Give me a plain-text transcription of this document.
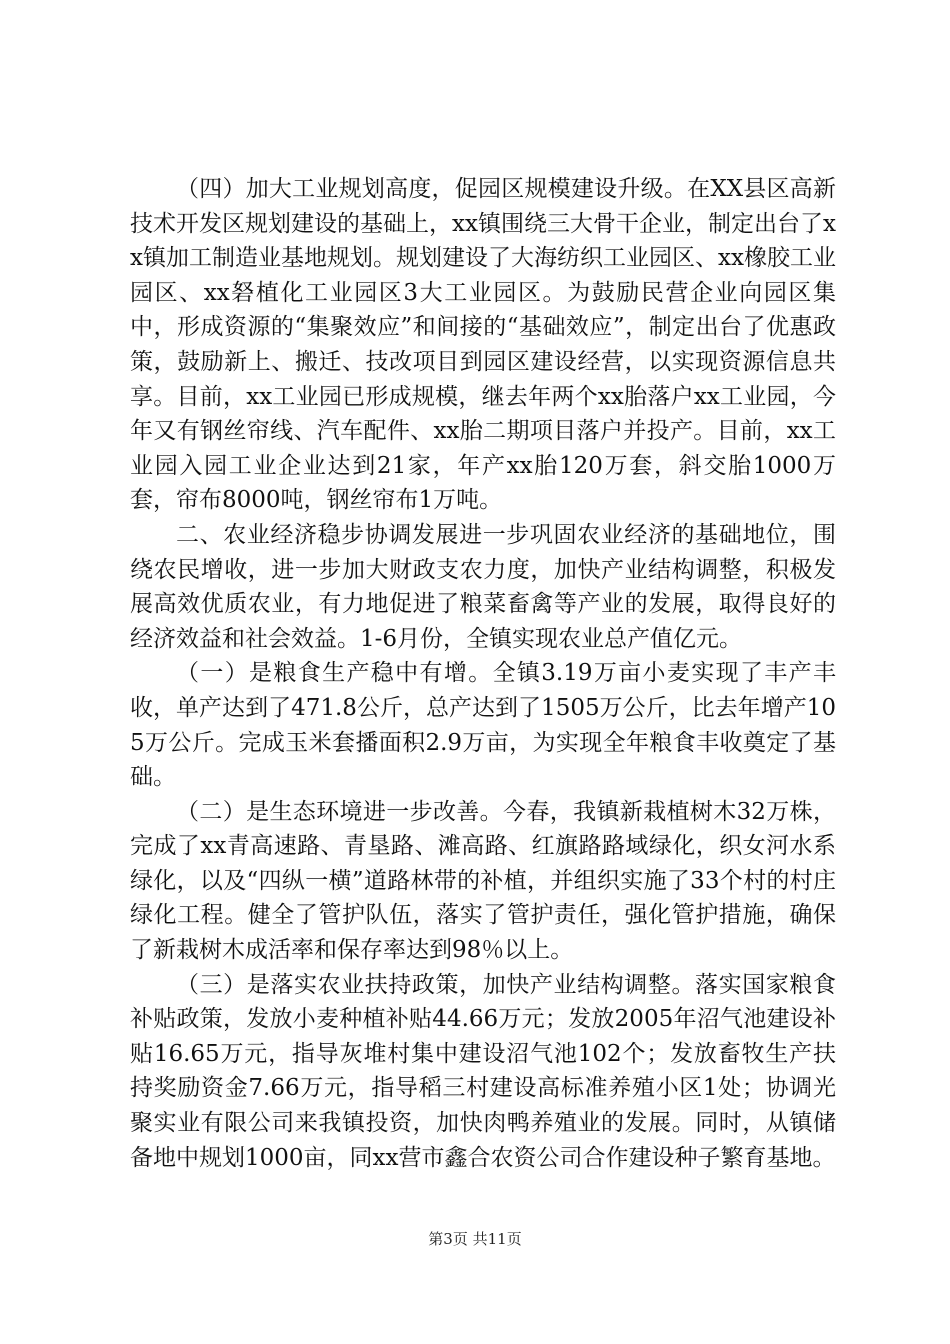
（四）加大工业规划高度，促园区规模建设升级。在XX县区高新技术开发区规划建设的基础上，xx镇围绕三大骨干企业，制定出台了xx镇加工制造业基地规划。规划建设了大海纺织工业园区、xx橡胶工业园区、xx砮植化工业园区3大工业园区。为鼓励民营企业向园区集中，形成资源的“集聚效应”和间接的“基础效应”，制定出台了优惠政策，鼓励新上、搬迁、技改项目到园区建设经营，以实现资源信息共享。目前，xx工业园已形成规模，继去年两个xx胎落户xx工业园，今年又有钢丝帘线、汽车配件、xx胎二期项目落户并投产。目前，xx工业园入园工业企业达到21家，年产xx胎120万套，斜交胎1000万套，帘布8000吨，钢丝帘布1万吨。

二、农业经济稳步协调发展进一步巩固农业经济的基础地位，围绕农民增收，进一步加大财政支农力度，加快产业结构调整，积极发展高效优质农业，有力地促进了粮菜畜禽等产业的发展，取得良好的经济效益和社会效益。1-6月份，全镇实现农业总产值亿元。

（一）是粮食生产稳中有增。全镇3.19万亩小麦实现了丰产丰收，单产达到了471.8公斤，总产达到了1505万公斤，比去年增产105万公斤。完成玉米套播面积2.9万亩，为实现全年粮食丰收奠定了基础。

（二）是生态环境进一步改善。今春，我镇新栽植树木32万株，完成了xx青高速路、青垦路、滩高路、红旗路路域绿化，织女河水系绿化，以及“四纵一横”道路林带的补植，并组织实施了33个村的村庄绿化工程。健全了管护队伍，落实了管护责任，强化管护措施，确保了新栽树木成活率和保存率达到98％以上。

（三）是落实农业扶持政策，加快产业结构调整。落实国家粮食补贴政策，发放小麦种植补贴44.66万元；发放2005年沼气池建设补贴16.65万元，指导灰堆村集中建设沼气池102个；发放畜牧生产扶持奖励资金7.66万元，指导稻三村建设高标准养殖小区1处；协调光聚实业有限公司来我镇投资，加快肉鸭养殖业的发展。同时，从镇储备地中规划1000亩，同xx营市鑫合农资公司合作建设种子繁育基地。

第3页 共11页
